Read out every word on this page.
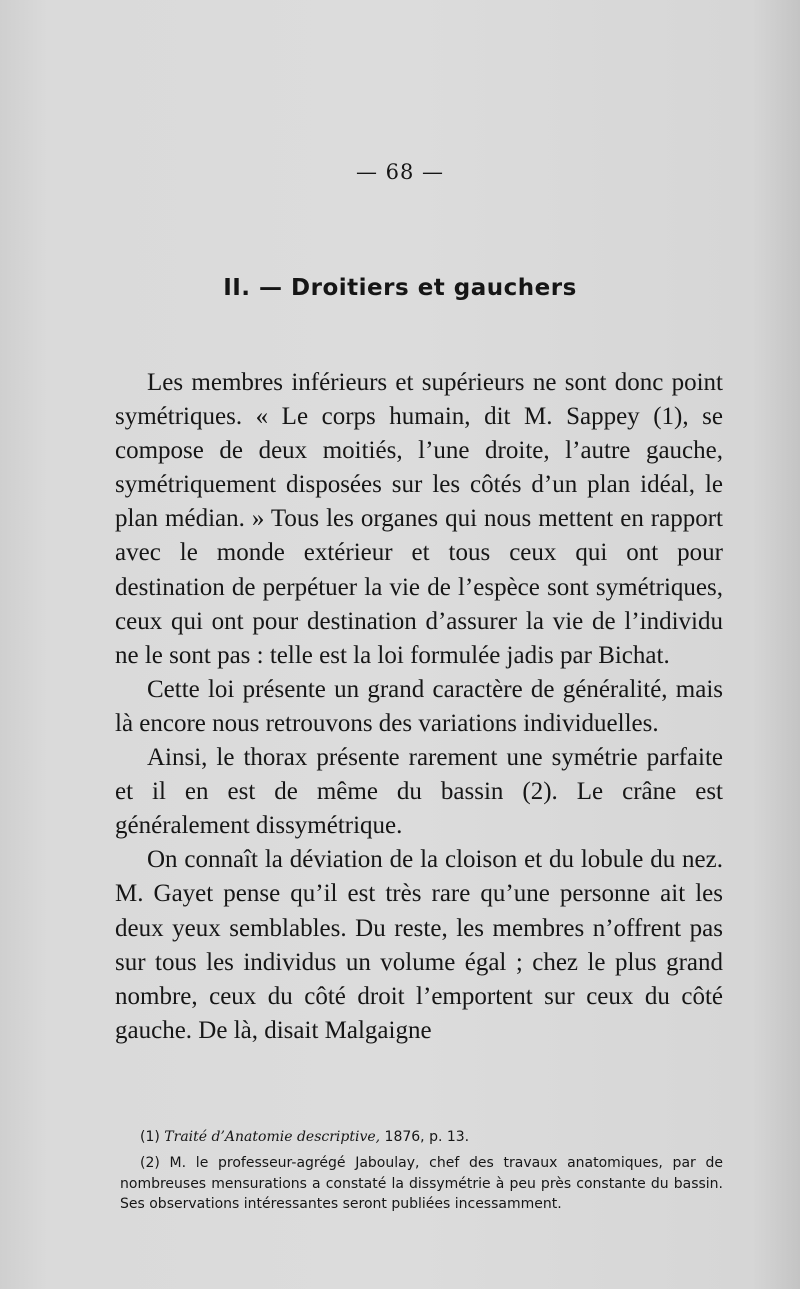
— 68 —
II. — Droitiers et gauchers

Les membres inférieurs et supérieurs ne sont donc point symétriques. « Le corps humain, dit M. Sappey (1), se compose de deux moitiés, l’une droite, l’autre gauche, symétriquement disposées sur les côtés d’un plan idéal, le plan médian. » Tous les organes qui nous mettent en rapport avec le monde extérieur et tous ceux qui ont pour destination de perpétuer la vie de l’espèce sont symétriques, ceux qui ont pour destination d’assurer la vie de l’individu ne le sont pas : telle est la loi formulée jadis par Bichat.

Cette loi présente un grand caractère de généralité, mais là encore nous retrouvons des variations individuelles.

Ainsi, le thorax présente rarement une symétrie parfaite et il en est de même du bassin (2). Le crâne est généralement dissymétrique.

On connaît la déviation de la cloison et du lobule du nez. M. Gayet pense qu’il est très rare qu’une personne ait les deux yeux semblables. Du reste, les membres n’offrent pas sur tous les individus un volume égal ; chez le plus grand nombre, ceux du côté droit l’emportent sur ceux du côté gauche. De là, disait Malgaigne

(1) Traité d’Anatomie descriptive, 1876, p. 13.

(2) M. le professeur-agrégé Jaboulay, chef des travaux anatomiques, par de nombreuses mensurations a constaté la dissymétrie à peu près constante du bassin. Ses observations intéressantes seront publiées incessamment.
